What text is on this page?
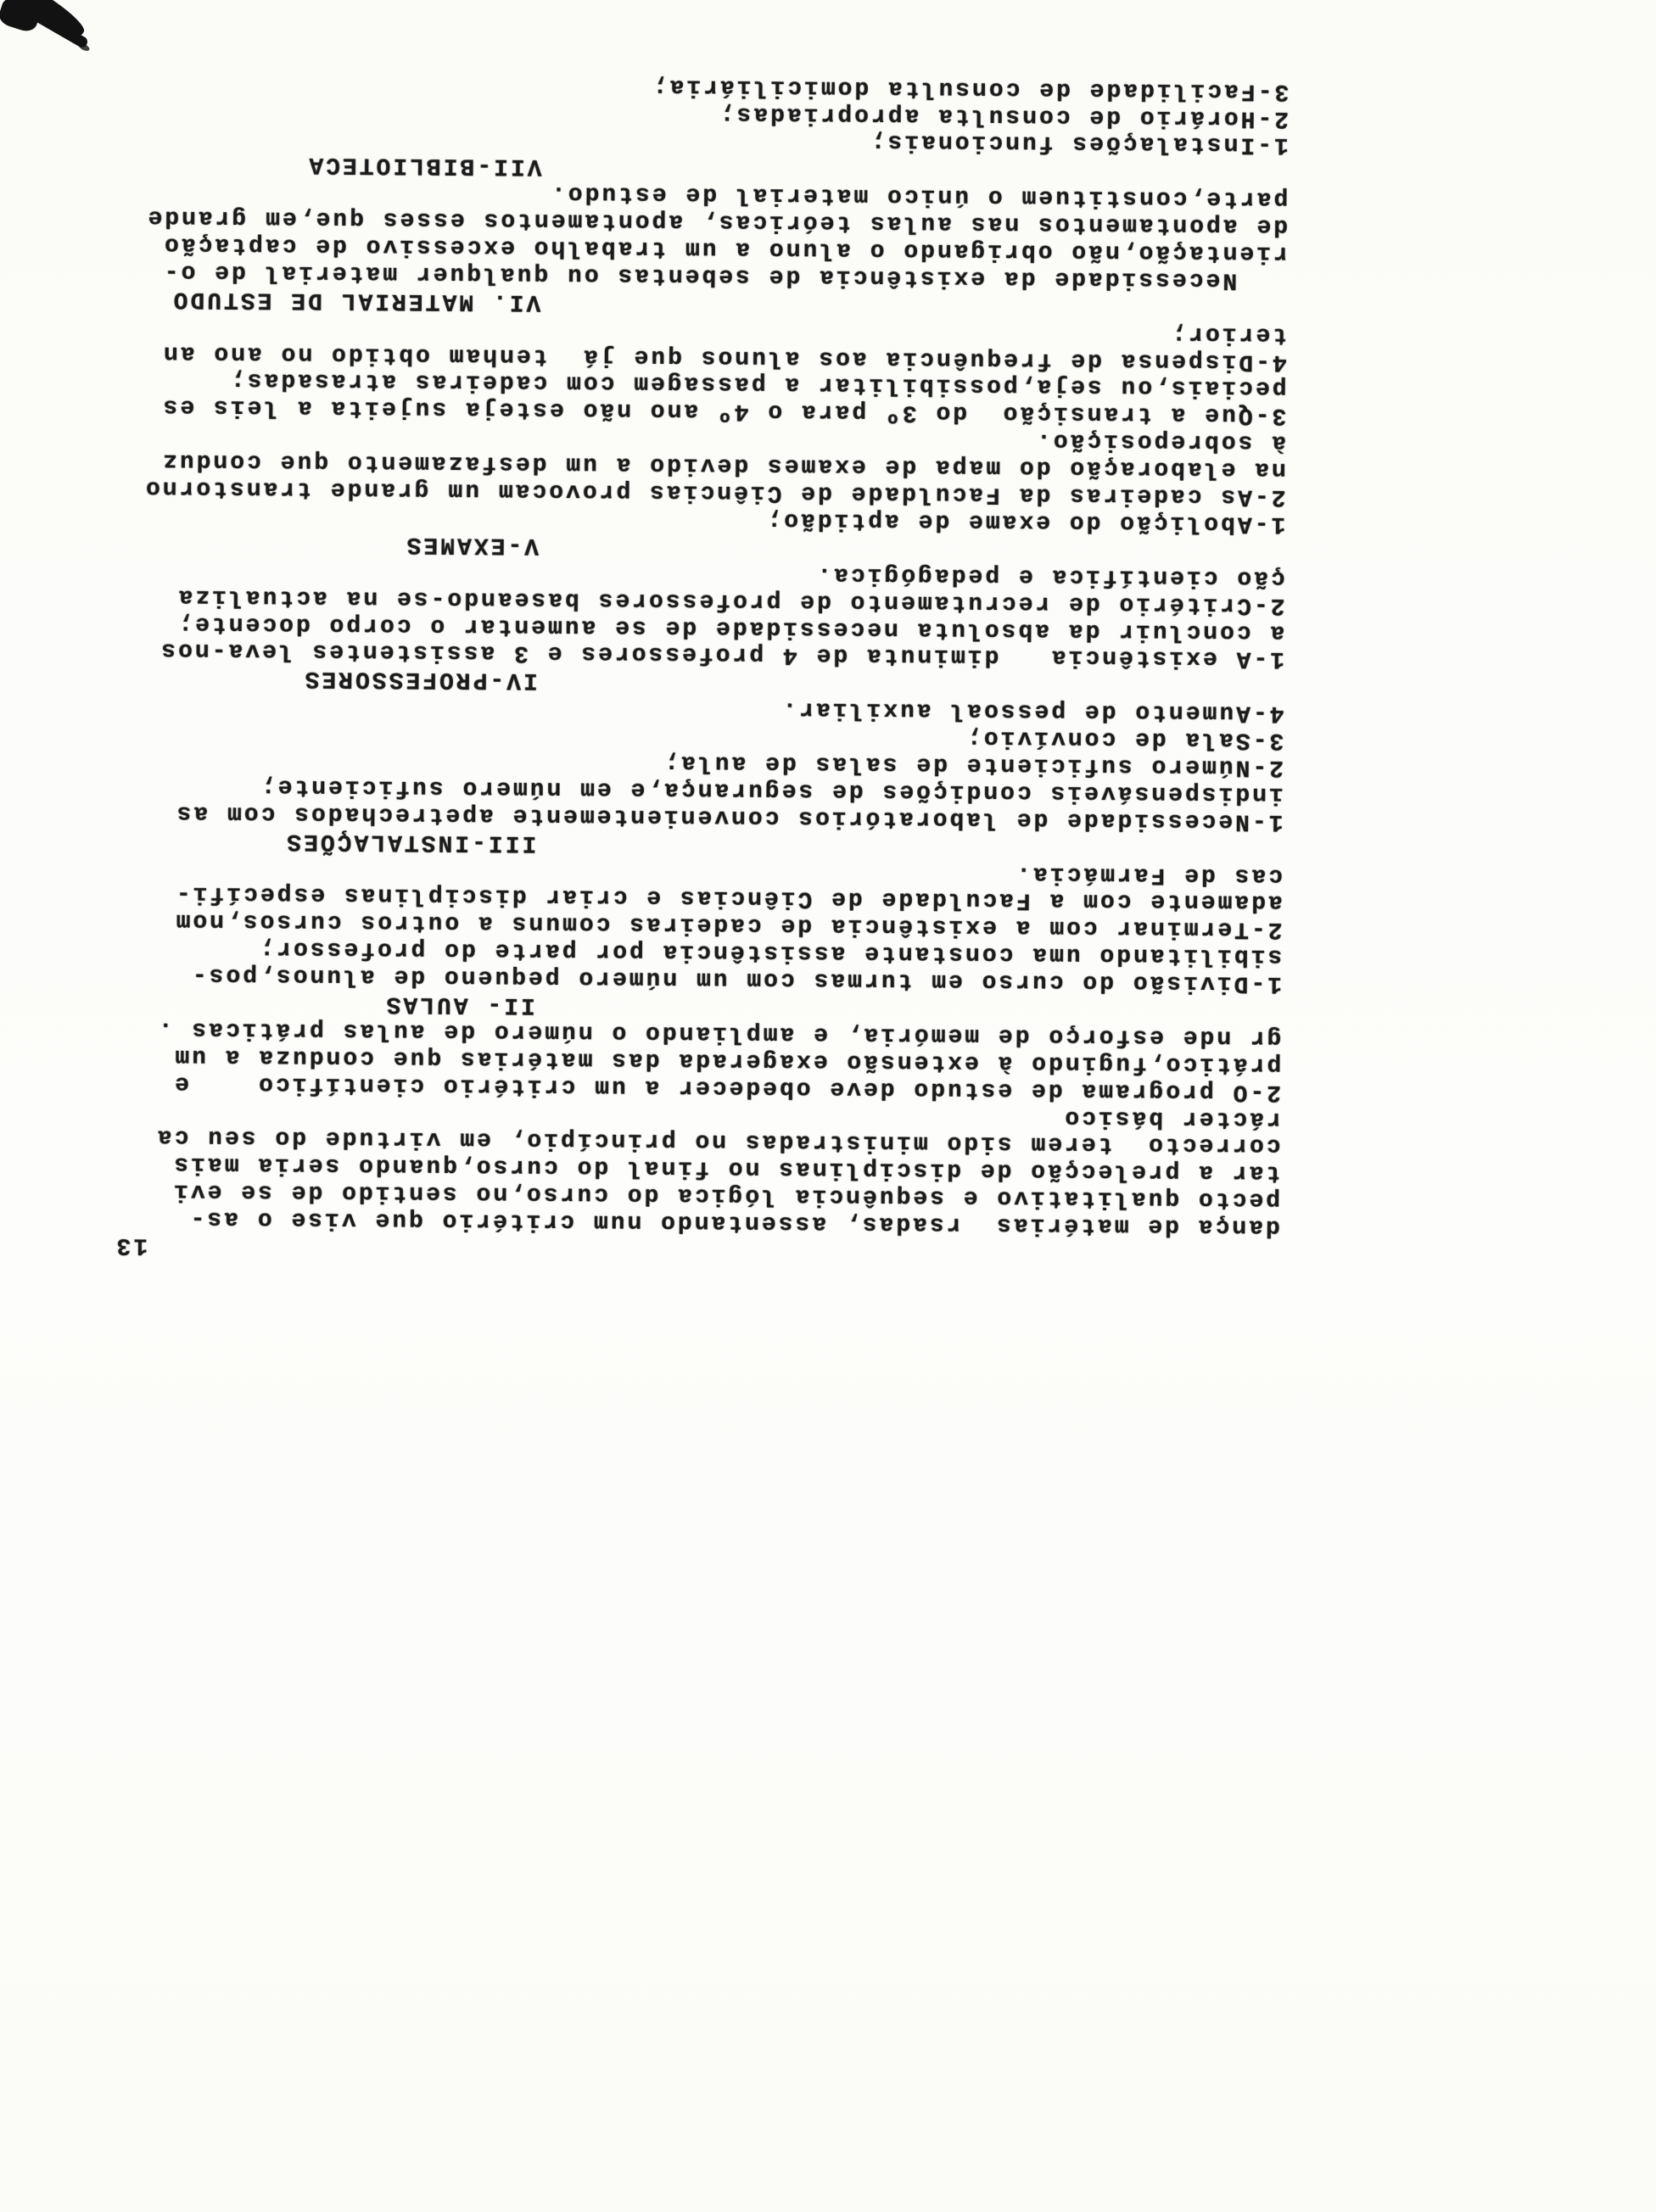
13
dança de matérias  rsadas, assentando num critério que vise o as-
pecto qualitativo e sequência lógica do curso,no sentido de se evi
tar a prelecção de disciplinas no final do curso,quando seria mais
correcto  terem sido ministradas no princípio, em virtude do seu ca
rácter básico
2-O programa de estudo deve obedecer a um critério científico    e
prático,fugindo à extensão exagerada das matérias que conduza a um
gr nde esforço de memória, e ampliando o número de aulas práticas .
II- AULAS
1-Divisão do curso em turmas com um número pequeno de alunos,pos-
sibilitando uma constante assistência por parte do professor;
2-Terminar com a existência de cadeiras comuns a outros cursos,nom
adamente com a Faculdade de Ciências e criar disciplinas específi-
cas de Farmácia.
III-INSTALAÇÕES
1-Necessidade de laboratórios convenientemente apetrechados com as
indispensáveis condições de segurança,e em número suficiente;
2-Número suficiente de salas de aula;
3-Sala de convívio;
4-Aumento de pessoal auxiliar.
IV-PROFESSORES
1-A existência   diminuta de 4 professores e 3 assistentes leva-nos
a concluir da absoluta necessidade de se aumentar o corpo docente;
2-Critério de recrutamento de professores baseando-se na actualiza
ção científica e pedagógica.
V-EXAMES
1-Abolição do exame de aptidão;
2-As cadeiras da Faculdade de Ciências provocam um grande transtorno
na elaboração do mapa de exames devido a um desfazamento que conduz
à sobreposição.
3-Que a transição  do 3º para o 4º ano não esteja sujeita a leis es
peciais,ou seja,possibilitar a passagem com cadeiras atrasadas;
4-Dispensa de frequência aos alunos que já  tenham obtido no ano an
terior;
VI. MATERIAL DE ESTUDO
Necessidade da existência de sebentas ou qualquer material de o-
rientação,não obrigando o aluno a um trabalho excessivo de captação
de apontamentos nas aulas teóricas, apontamentos esses que,em grande
parte,constituem o único material de estudo.
VII-BIBLIOTECA
1-Instalações funcionais;
2-Horário de consulta apropriadas;
3-Facilidade de consulta domiciliária;
